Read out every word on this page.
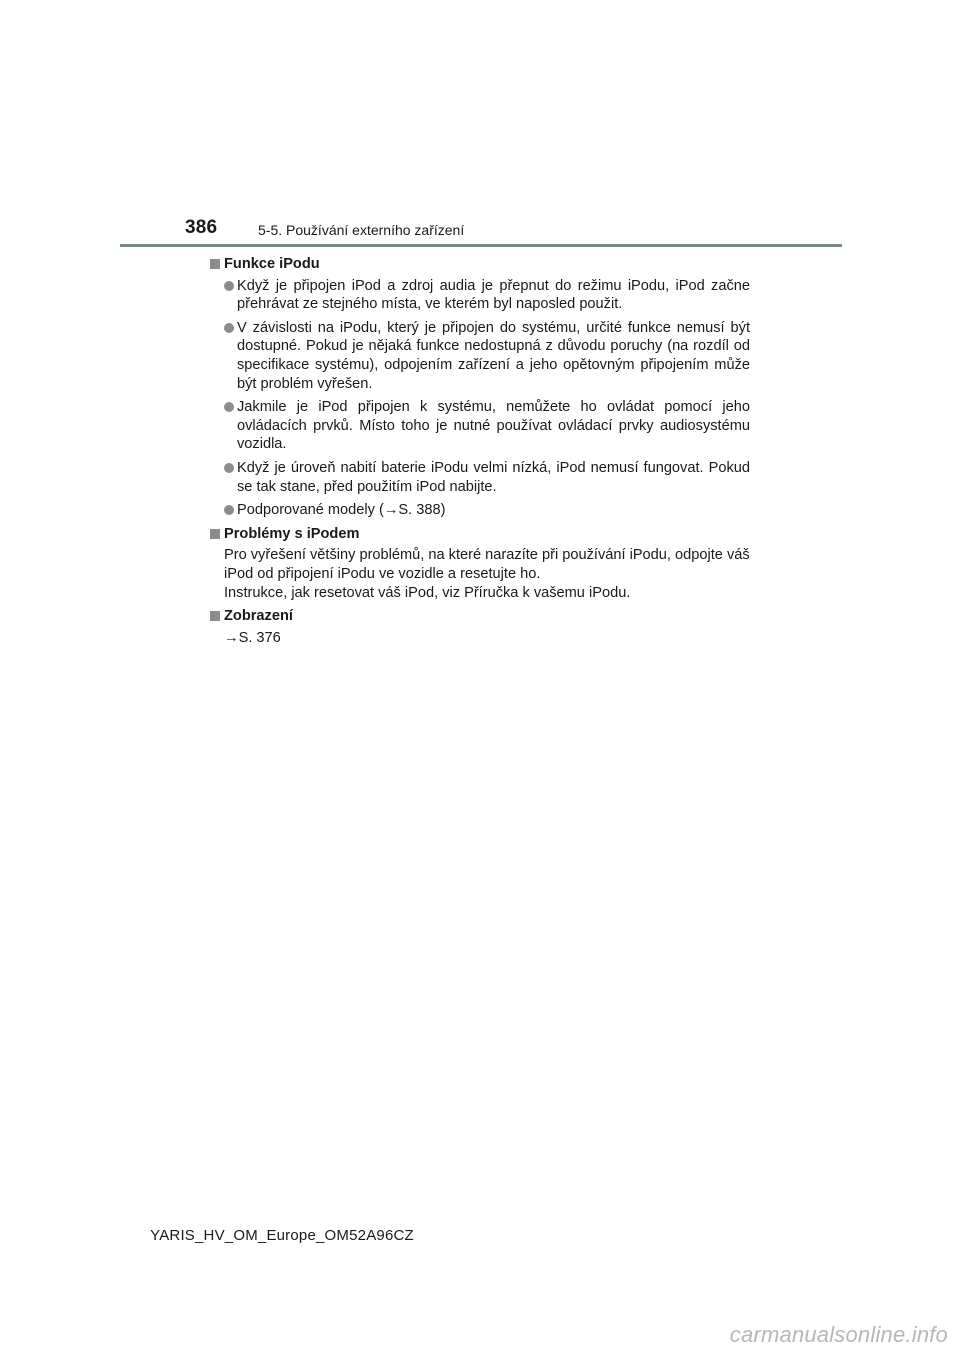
386	5-5. Používání externího zařízení
Funkce iPodu
Když je připojen iPod a zdroj audia je přepnut do režimu iPodu, iPod začne přehrávat ze stejného místa, ve kterém byl naposled použit.
V závislosti na iPodu, který je připojen do systému, určité funkce nemusí být dostupné. Pokud je nějaká funkce nedostupná z důvodu poruchy (na rozdíl od specifikace systému), odpojením zařízení a jeho opětovným připojením může být problém vyřešen.
Jakmile je iPod připojen k systému, nemůžete ho ovládat pomocí jeho ovládacích prvků. Místo toho je nutné používat ovládací prvky audiosystému vozidla.
Když je úroveň nabití baterie iPodu velmi nízká, iPod nemusí fungovat. Pokud se tak stane, před použitím iPod nabijte.
Podporované modely (→S. 388)
Problémy s iPodem
Pro vyřešení většiny problémů, na které narazíte při používání iPodu, odpojte váš iPod od připojení iPodu ve vozidle a resetujte ho.
Instrukce, jak resetovat váš iPod, viz Příručka k vašemu iPodu.
Zobrazení
→S. 376
YARIS_HV_OM_Europe_OM52A96CZ
carmanualsonline.info
